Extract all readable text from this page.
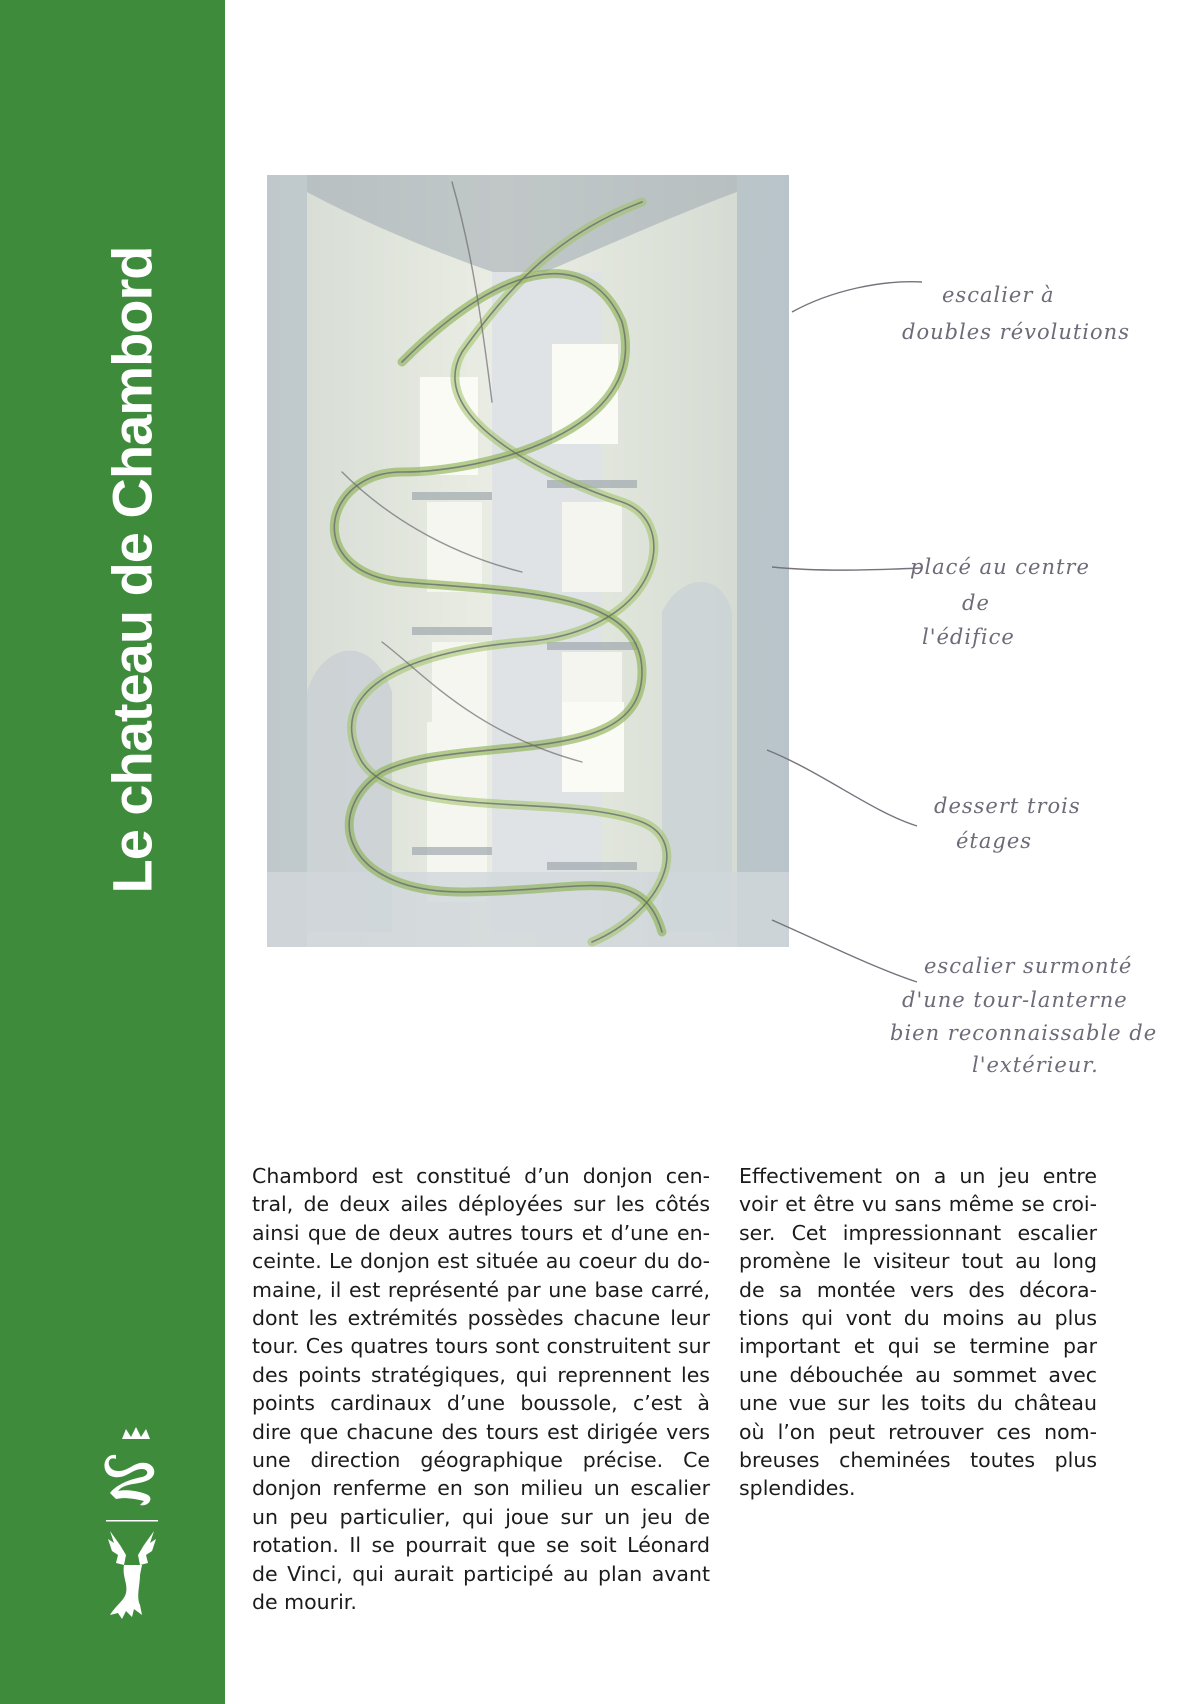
Le chateau de Chambord	escalier à
doubles révolutions
placé au centre
de
l'édifice
dessert trois
étages
escalier surmonté
d'une tour-lanterne
bien reconnaissable de
l'extérieur.
Chambord est constitué d’un donjon central, de deux ailes déployées sur les côtés ainsi que de deux autres tours et d’une enceinte. Le donjon est située au coeur du domaine, il est représenté par une base carré, dont les extrémités possèdes chacune leur tour. Ces quatres tours sont construitent sur des points stratégiques, qui reprennent les points cardinaux d’une boussole, c’est à dire que chacune des tours est dirigée vers une direction géographique précise. Ce donjon renferme en son milieu un escalier un peu particulier, qui joue sur un jeu de rotation. Il se pourrait que se soit Léonard de Vinci, qui aurait participé au plan avant de mourir.
Effectivement on a un jeu entre voir et être vu sans même se croiser. Cet impressionnant escalier promène le visiteur tout au long de sa montée vers des décorations qui vont du moins au plus important et qui se termine par une débouchée au sommet avec une vue sur les toits du château où l’on peut retrouver ces nombreuses cheminées toutes plus splendides.
